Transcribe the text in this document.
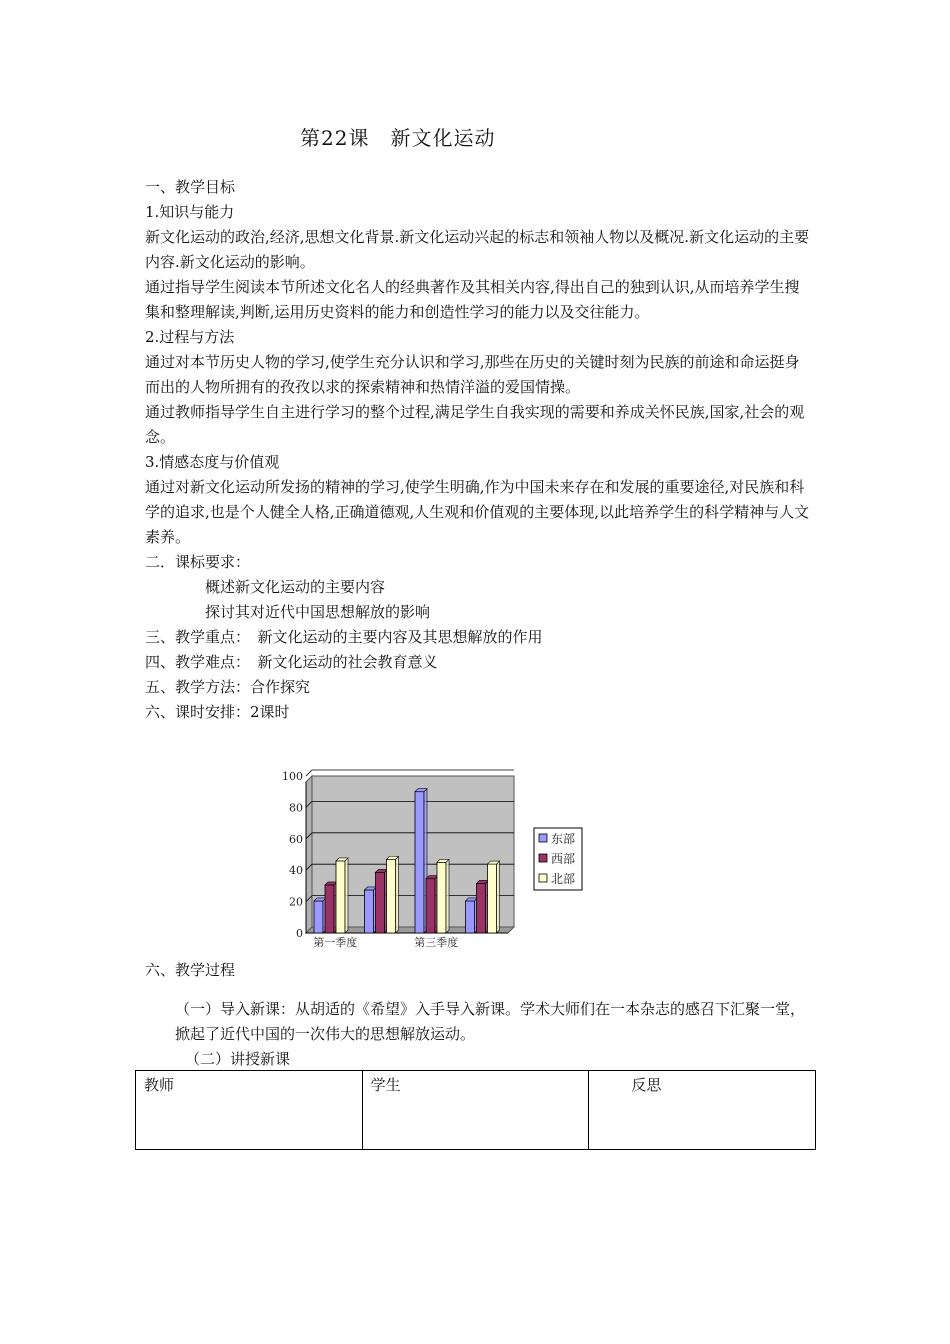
第22课　新文化运动

一、教学目标

1.知识与能力

新文化运动的政治,经济,思想文化背景.新文化运动兴起的标志和领袖人物以及概况.新文化运动的主要内容.新文化运动的影响。

通过指导学生阅读本节所述文化名人的经典著作及其相关内容,得出自己的独到认识,从而培养学生搜集和整理解读,判断,运用历史资料的能力和创造性学习的能力以及交往能力。

2.过程与方法

通过对本节历史人物的学习,使学生充分认识和学习,那些在历史的关键时刻为民族的前途和命运挺身而出的人物所拥有的孜孜以求的探索精神和热情洋溢的爱国情操。

通过教师指导学生自主进行学习的整个过程,满足学生自我实现的需要和养成关怀民族,国家,社会的观念。

3.情感态度与价值观

通过对新文化运动所发扬的精神的学习,使学生明确,作为中国未来存在和发展的重要途径,对民族和科学的追求,也是个人健全人格,正确道德观,人生观和价值观的主要体现,以此培养学生的科学精神与人文素养。

二．课标要求：

概述新文化运动的主要内容

探讨其对近代中国思想解放的影响

三、教学重点：　新文化运动的主要内容及其思想解放的作用

四、教学难点：　新文化运动的社会教育意义

五、教学方法：合作探究

六、课时安排：2课时

0
20
40
60
80
100
第一季度	第三季度
东部
西部
北部

六、教学过程

（一）导入新课：从胡适的《希望》入手导入新课。学术大师们在一本杂志的感召下汇聚一堂，掀起了近代中国的一次伟大的思想解放运动。

（二）讲授新课

教师	学生	反思
